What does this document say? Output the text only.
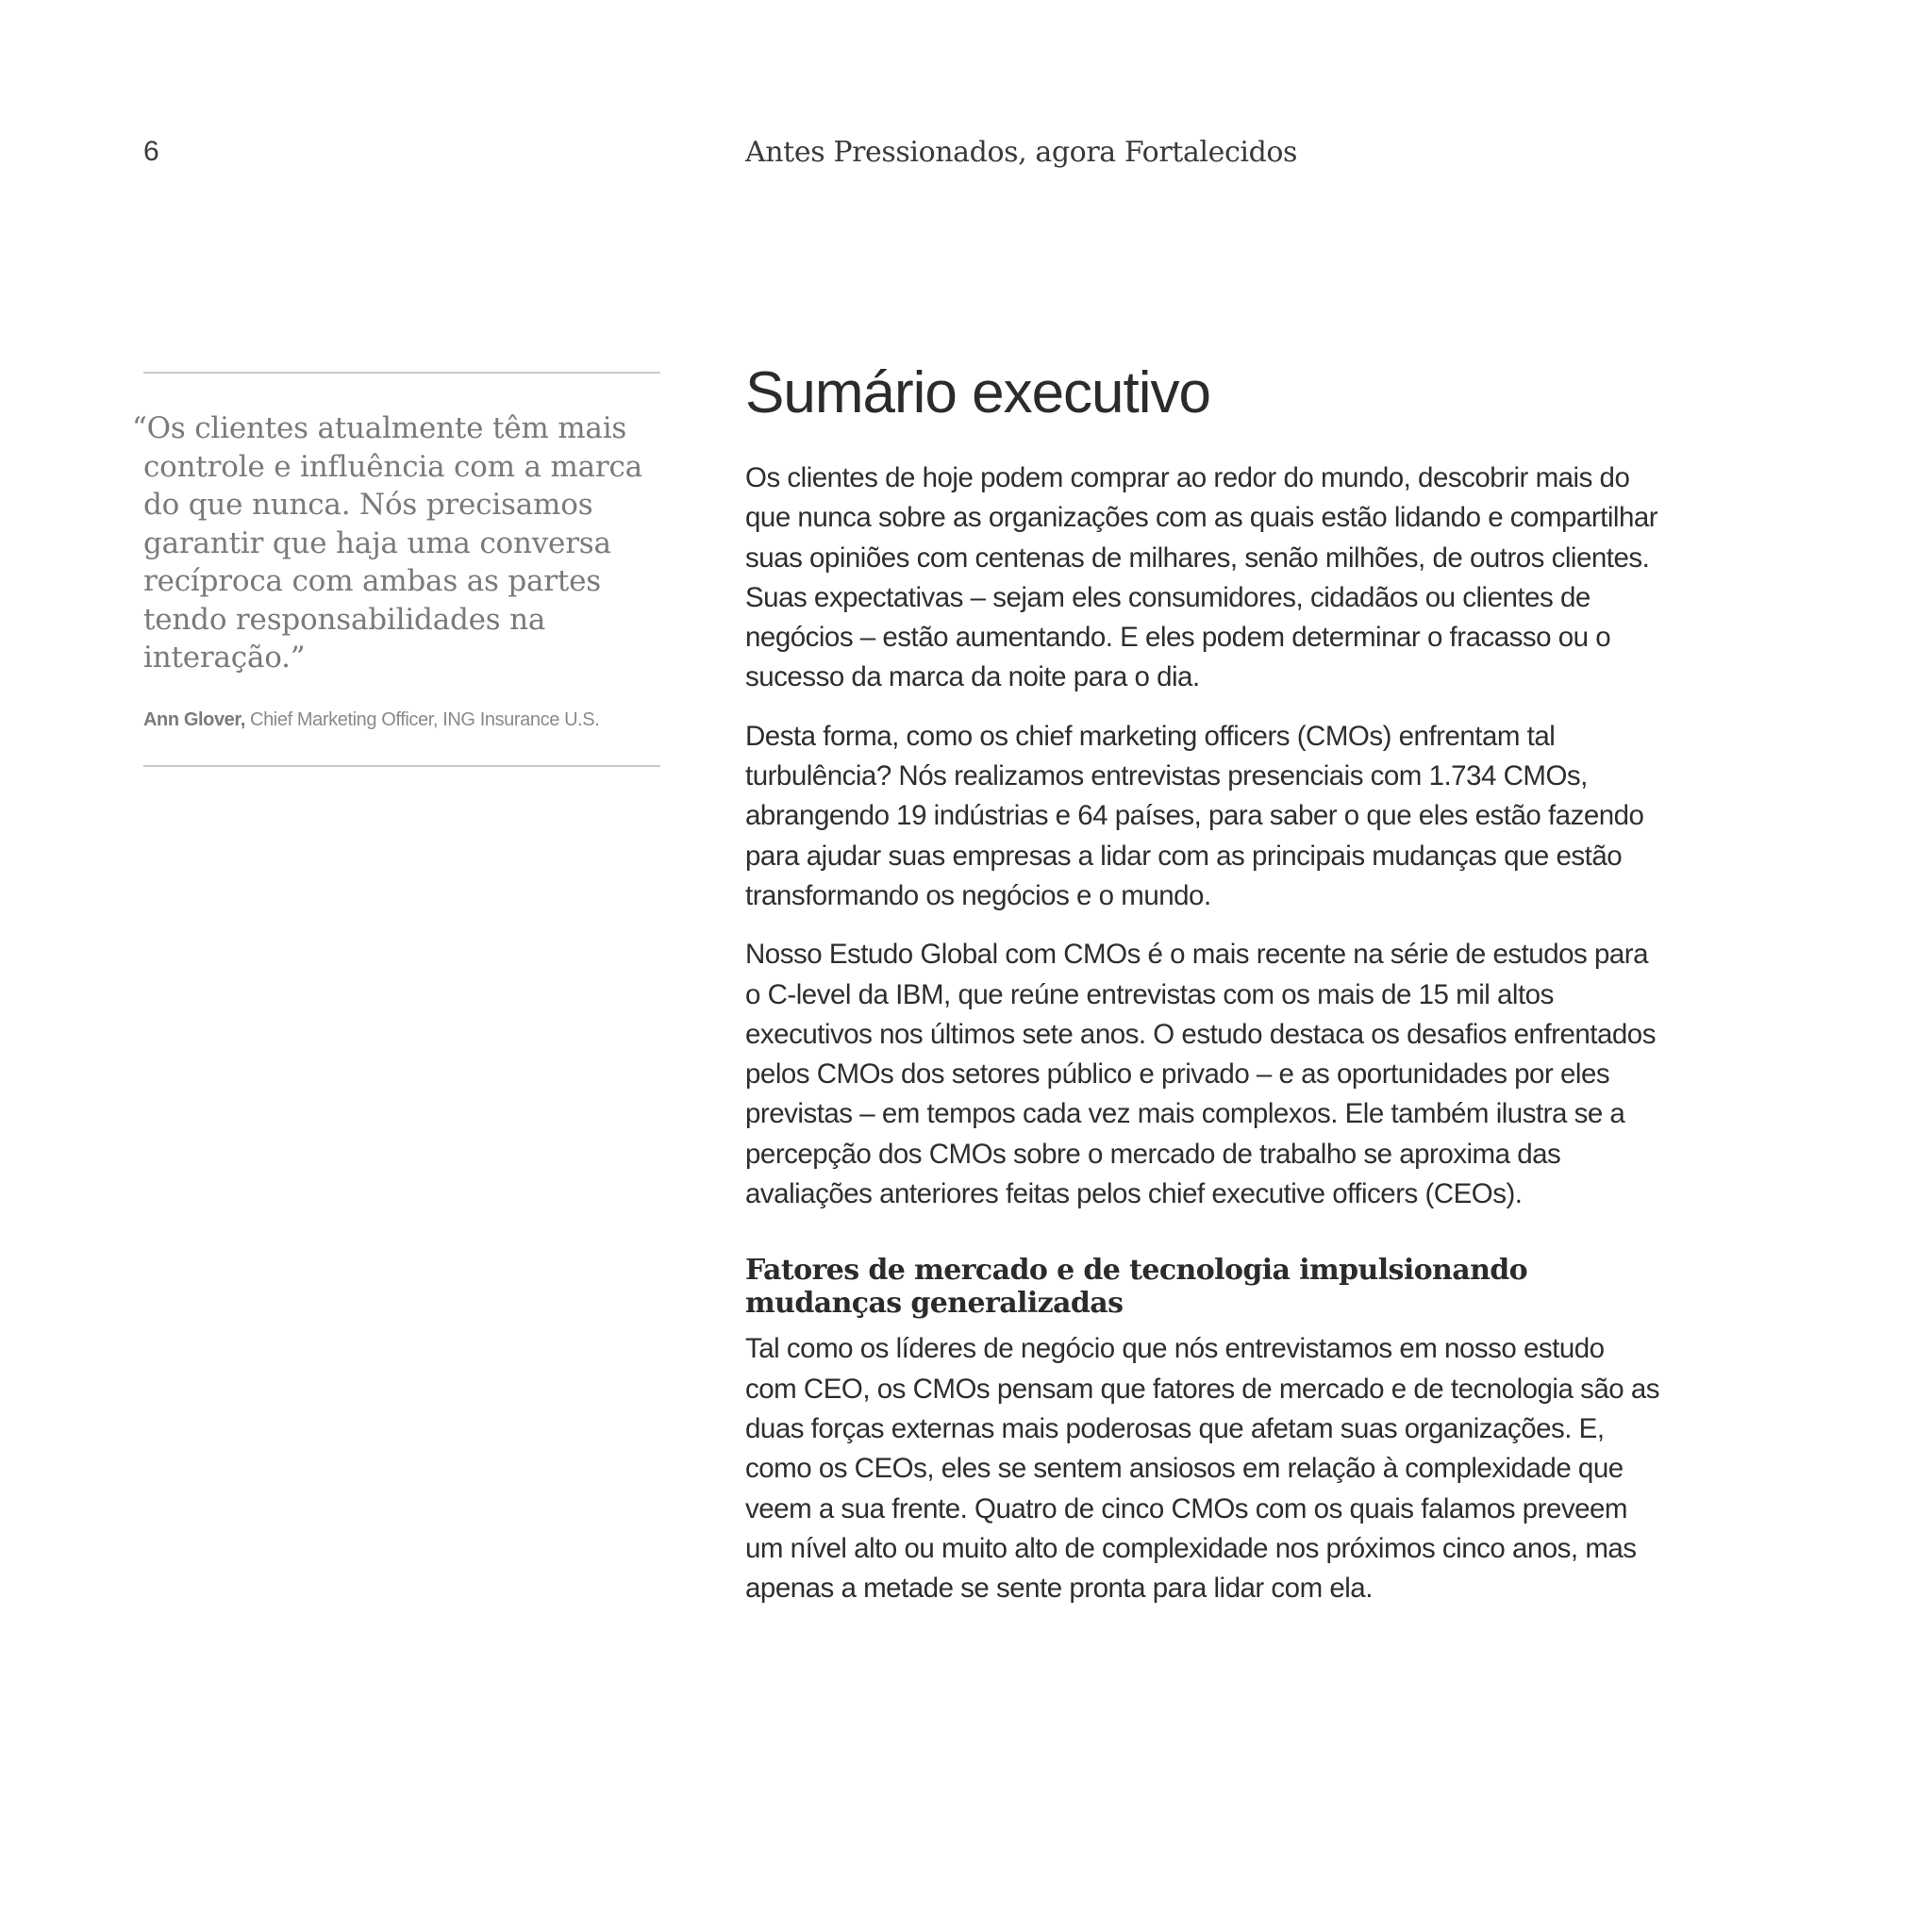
6	Antes Pressionados, agora Fortalecidos

“Os clientes atualmente têm mais controle e influência com a marca do que nunca. Nós precisamos garantir que haja uma conversa recíproca com ambas as partes tendo responsabilidades na interação.”

Ann Glover, Chief Marketing Officer, ING Insurance U.S.
Sumário executivo

Os clientes de hoje podem comprar ao redor do mundo, descobrir mais do que nunca sobre as organizações com as quais estão lidando e compartilhar suas opiniões com centenas de milhares, senão milhões, de outros clientes. Suas expectativas – sejam eles consumidores, cidadãos ou clientes de negócios – estão aumentando. E eles podem determinar o fracasso ou o sucesso da marca da noite para o dia.

Desta forma, como os chief marketing officers (CMOs) enfrentam tal turbulência? Nós realizamos entrevistas presenciais com 1.734 CMOs, abrangendo 19 indústrias e 64 países, para saber o que eles estão fazendo para ajudar suas empresas a lidar com as principais mudanças que estão transformando os negócios e o mundo.

Nosso Estudo Global com CMOs é o mais recente na série de estudos para o C-level da IBM, que reúne entrevistas com os mais de 15 mil altos executivos nos últimos sete anos. O estudo destaca os desafios enfrentados pelos CMOs dos setores público e privado – e as oportunidades por eles previstas – em tempos cada vez mais complexos. Ele também ilustra se a percepção dos CMOs sobre o mercado de trabalho se aproxima das avaliações anteriores feitas pelos chief executive officers (CEOs).

Fatores de mercado e de tecnologia impulsionando mudanças generalizadas

Tal como os líderes de negócio que nós entrevistamos em nosso estudo com CEO, os CMOs pensam que fatores de mercado e de tecnologia são as duas forças externas mais poderosas que afetam suas organizações. E, como os CEOs, eles se sentem ansiosos em relação à complexidade que veem a sua frente. Quatro de cinco CMOs com os quais falamos preveem um nível alto ou muito alto de complexidade nos próximos cinco anos, mas apenas a metade se sente pronta para lidar com ela.
